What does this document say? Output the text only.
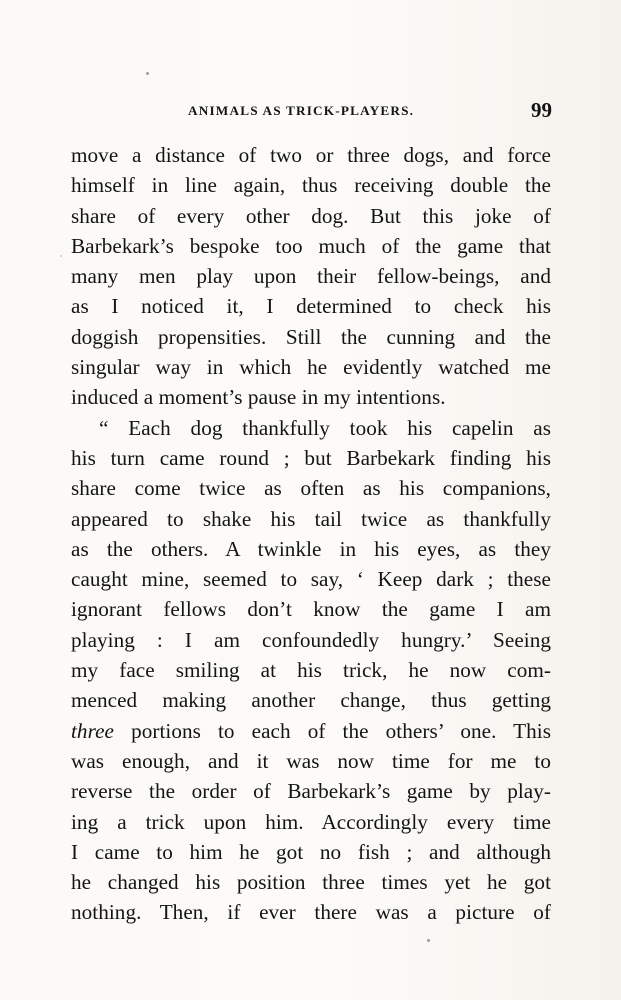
ANIMALS AS TRICK-PLAYERS.	99
move a distance of two or three dogs, and force
himself in line again, thus receiving double the
share of every other dog. But this joke of
Barbekark’s bespoke too much of the game that
many men play upon their fellow-beings, and
as I noticed it, I determined to check his
doggish propensities. Still the cunning and the
singular way in which he evidently watched me
induced a moment’s pause in my intentions.
“ Each dog thankfully took his capelin as
his turn came round ; but Barbekark finding his
share come twice as often as his companions,
appeared to shake his tail twice as thankfully
as the others. A twinkle in his eyes, as they
caught mine, seemed to say, ‘ Keep dark ; these
ignorant fellows don’t know the game I am
playing : I am confoundedly hungry.’ Seeing
my face smiling at his trick, he now com-
menced making another change, thus getting
three portions to each of the others’ one. This
was enough, and it was now time for me to
reverse the order of Barbekark’s game by play-
ing a trick upon him. Accordingly every time
I came to him he got no fish ; and although
he changed his position three times yet he got
nothing. Then, if ever there was a picture of
